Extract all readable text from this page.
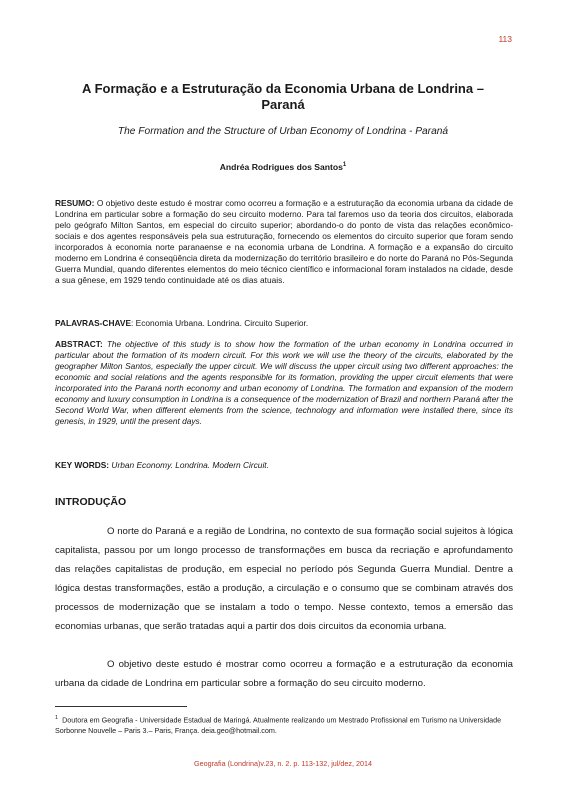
113
A Formação e a Estruturação da Economia Urbana de Londrina – Paraná

The Formation and the Structure of Urban Economy of Londrina - Paraná

Andréa Rodrigues dos Santos$^1$

RESUMO: O objetivo deste estudo é mostrar como ocorreu a formação e a estruturação da economia urbana da cidade de Londrina em particular sobre a formação do seu circuito moderno. Para tal faremos uso da teoria dos circuitos, elaborada pelo geógrafo Milton Santos, em especial do circuito superior; abordando-o do ponto de vista das relações econômico-sociais e dos agentes responsáveis pela sua estruturação, fornecendo os elementos do circuito superior que foram sendo incorporados à economia norte paranaense e na economia urbana de Londrina. A formação e a expansão do circuito moderno em Londrina é conseqüência direta da modernização do território brasileiro e do norte do Paraná no Pós-Segunda Guerra Mundial, quando diferentes elementos do meio técnico científico e informacional foram instalados na cidade, desde a sua gênese, em 1929 tendo continuidade até os dias atuais.

PALAVRAS-CHAVE: Economia Urbana. Londrina. Circuito Superior.

ABSTRACT: The objective of this study is to show how the formation of the urban economy in Londrina occurred in particular about the formation of its modern circuit. For this work we will use the theory of the circuits, elaborated by the geographer Milton Santos, especially the upper circuit. We will discuss the upper circuit using two different approaches: the economic and social relations and the agents responsible for its formation, providing the upper circuit elements that were incorporated into the Paraná north economy and urban economy of Londrina. The formation and expansion of the modern economy and luxury consumption in Londrina is a consequence of the modernization of Brazil and northern Paraná after the Second World War, when different elements from the science, technology and information were installed there, since its genesis, in 1929, until the present days.

KEY WORDS: Urban Economy. Londrina. Modern Circuit.

INTRODUÇÃO

O norte do Paraná e a região de Londrina, no contexto de sua formação social sujeitos à lógica capitalista, passou por um longo processo de transformações em busca da recriação e aprofundamento das relações capitalistas de produção, em especial no período pós Segunda Guerra Mundial. Dentre a lógica destas transformações, estão a produção, a circulação e o consumo que se combinam através dos processos de modernização que se instalam a todo o tempo. Nesse contexto, temos a emersão das economias urbanas, que serão tratadas aqui a partir dos dois circuitos da economia urbana.

O objetivo deste estudo é mostrar como ocorreu a formação e a estruturação da economia urbana da cidade de Londrina em particular sobre a formação do seu circuito moderno.

$^1$ Doutora em Geografia - Universidade Estadual de Maringá. Atualmente realizando um Mestrado Profissional em Turismo na Universidade Sorbonne Nouvelle – Paris 3.– Paris, França. deia.geo@hotmail.com.

Geografia (Londrina)v.23, n. 2. p. 113-132, jul/dez, 2014
